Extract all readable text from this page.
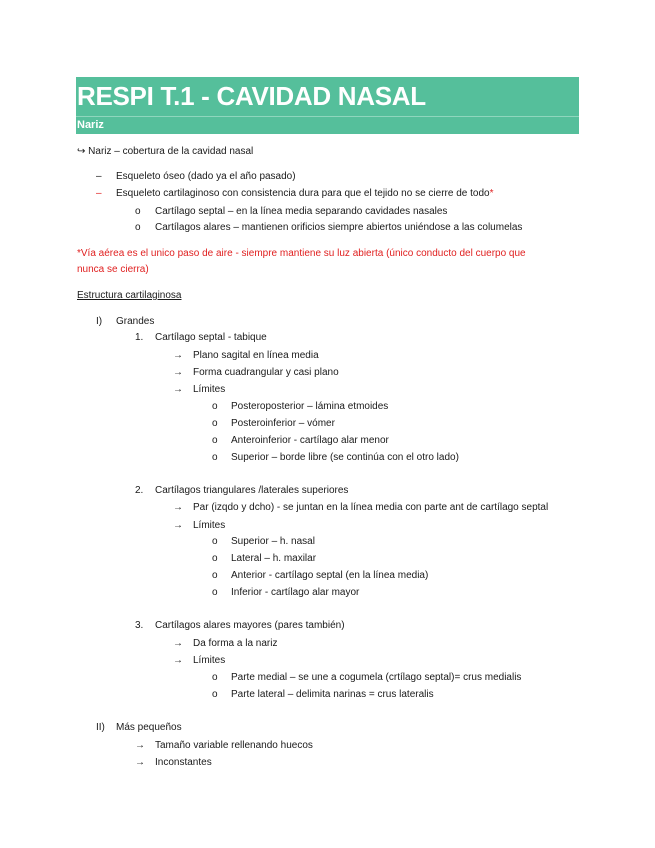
RESPI T.1 - CAVIDAD NASAL
Nariz
↪ Nariz – cobertura de la cavidad nasal
– Esqueleto óseo (dado ya el año pasado)
– Esqueleto cartilaginoso con consistencia dura para que el tejido no se cierre de todo*
o Cartílago septal – en la línea media separando cavidades nasales
o Cartílagos alares – mantienen orificios siempre abiertos uniéndose a las columelas
*Vía aérea es el unico paso de aire - siempre mantiene su luz abierta (único conducto del cuerpo que
nunca se cierra)
Estructura cartilaginosa
I) Grandes
1. Cartílago septal - tabique
→ Plano sagital en línea media
→ Forma cuadrangular y casi plano
→ Límites
o Posteroposterior – lámina etmoides
o Posteroinferior – vómer
o Anteroinferior - cartílago alar menor
o Superior – borde libre (se continúa con el otro lado)
2. Cartílagos triangulares /laterales superiores
→ Par (izqdo y dcho) - se juntan en la línea media con parte ant de cartílago septal
→ Límites
o Superior – h. nasal
o Lateral – h. maxilar
o Anterior - cartílago septal (en la línea media)
o Inferior - cartílago alar mayor
3. Cartílagos alares mayores (pares también)
→ Da forma a la nariz
→ Límites
o Parte medial – se une a cogumela (crtílago septal)= crus medialis
o Parte lateral – delimita narinas = crus lateralis
II) Más pequeños
→ Tamaño variable rellenando huecos
→ Inconstantes
